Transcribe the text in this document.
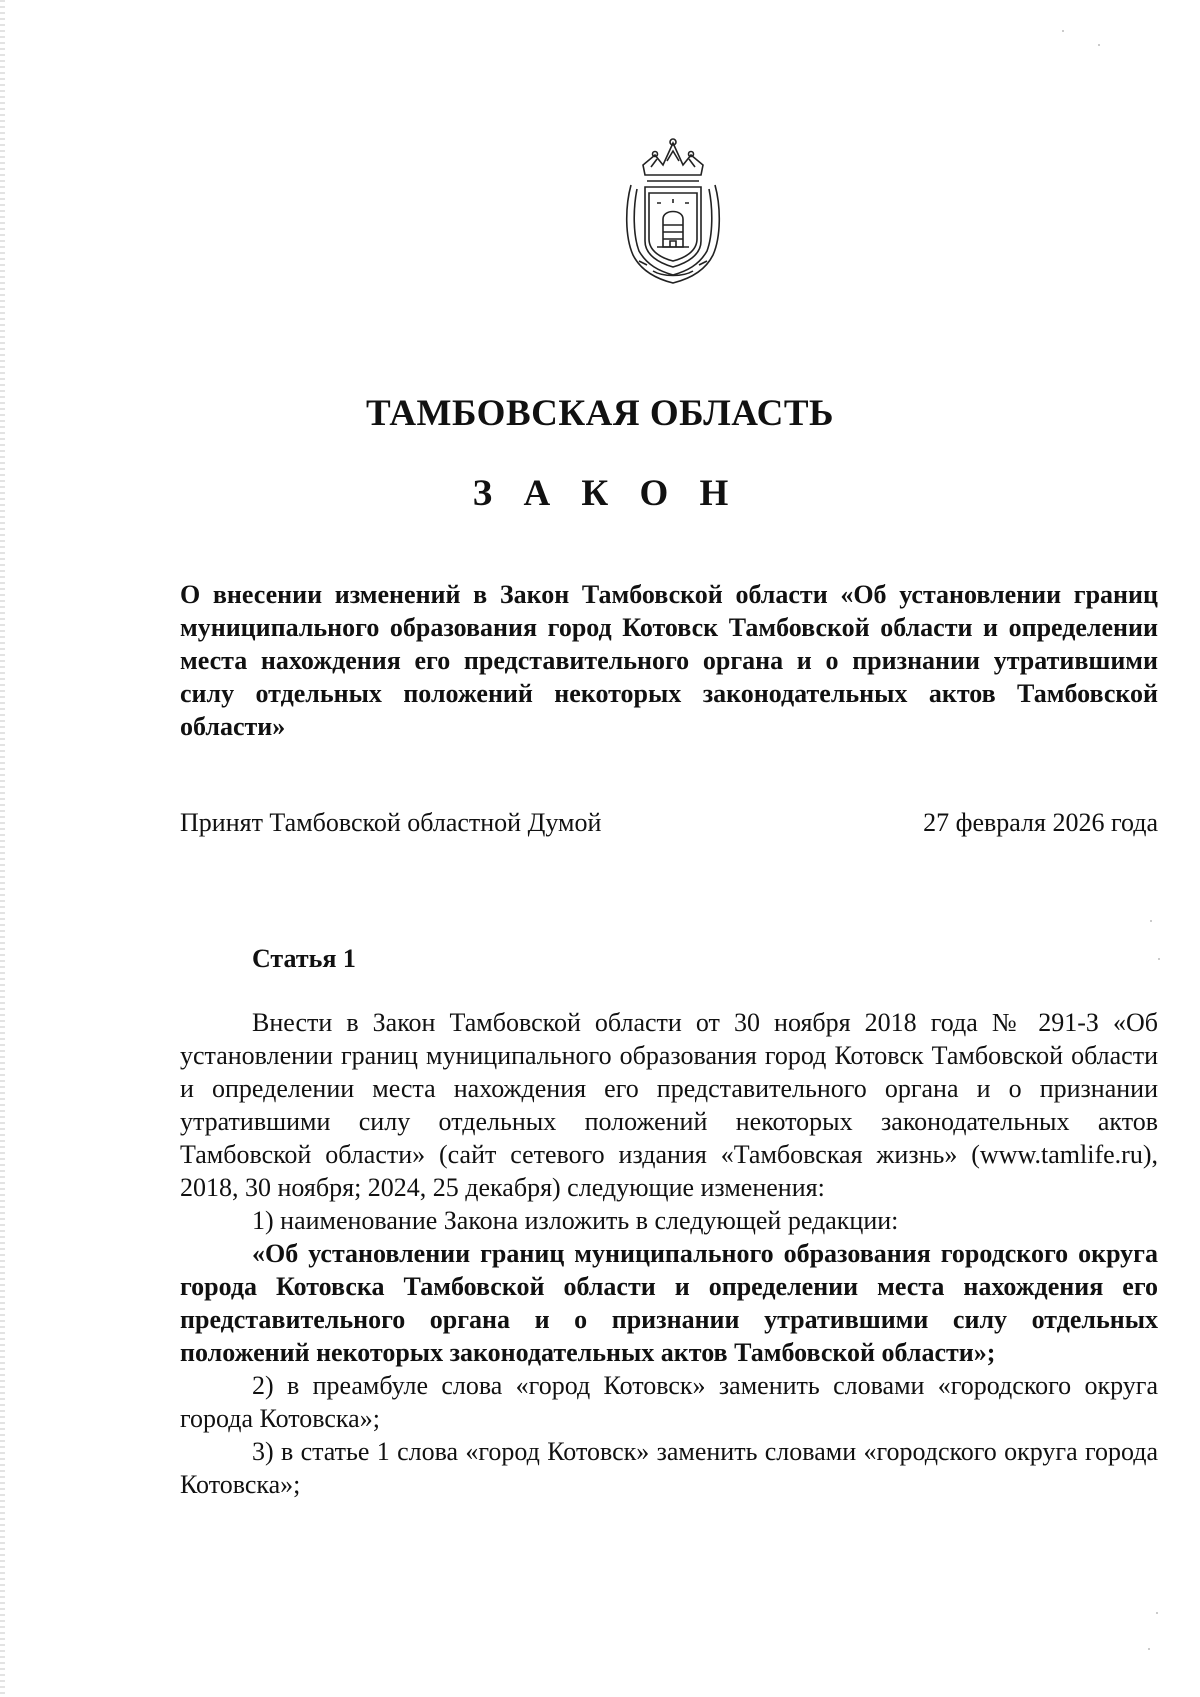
ТАМБОВСКАЯ ОБЛАСТЬ
З А К О Н
О внесении изменений в Закон Тамбовской области «Об установлении границ муниципального образования город Котовск Тамбовской области и определении места нахождения его представительного органа и о признании утратившими силу отдельных положений некоторых законодательных актов Тамбовской области»
Принят Тамбовской областной Думой	27 февраля 2026 года
Статья 1

Внести в Закон Тамбовской области от 30 ноября 2018 года № 291-З «Об установлении границ муниципального образования город Котовск Тамбовской области и определении места нахождения его представительного органа и о признании утратившими силу отдельных положений некоторых законодательных актов Тамбовской области» (сайт сетевого издания «Тамбовская жизнь» (www.tamlife.ru), 2018, 30 ноября; 2024, 25 декабря) следующие изменения:

1) наименование Закона изложить в следующей редакции:

«Об установлении границ муниципального образования городского округа города Котовска Тамбовской области и определении места нахождения его представительного органа и о признании утратившими силу отдельных положений некоторых законодательных актов Тамбовской области»;

2) в преамбуле слова «город Котовск» заменить словами «городского округа города Котовска»;

3) в статье 1 слова «город Котовск» заменить словами «городского округа города Котовска»;
